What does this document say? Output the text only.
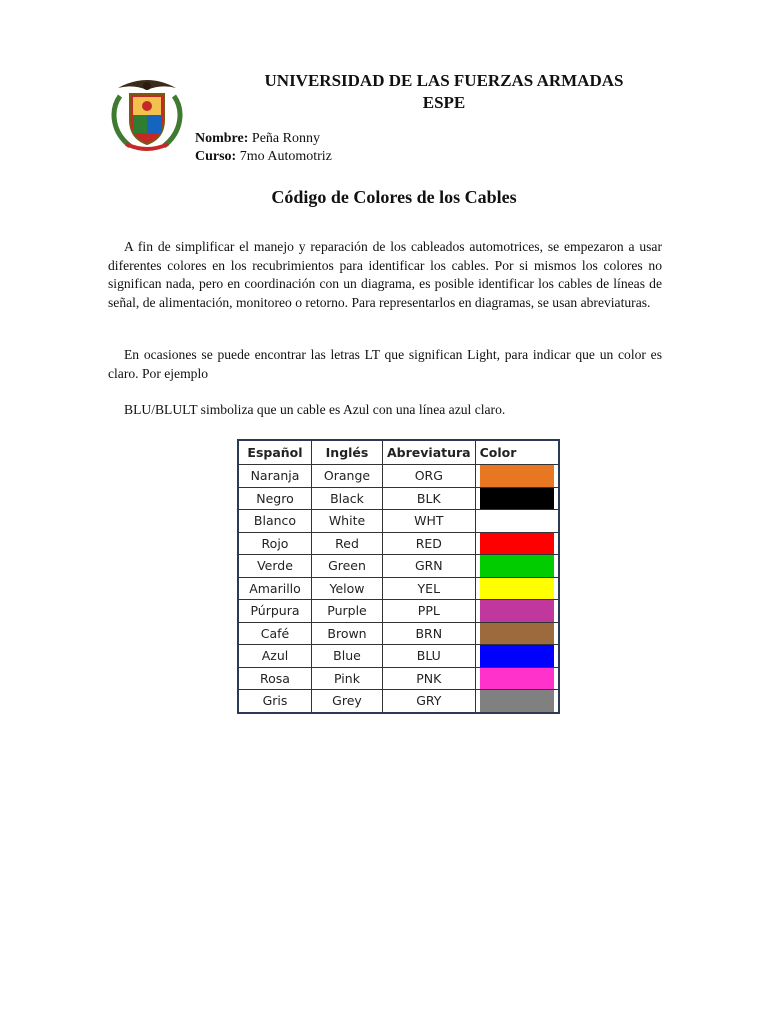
UNIVERSIDAD DE LAS FUERZAS ARMADAS
ESPE
Nombre: Peña Ronny
Curso: 7mo Automotriz
Código de Colores de los Cables

A fin de simplificar el manejo y reparación de los cableados automotrices, se empezaron a usar diferentes colores en los recubrimientos para identificar los cables. Por si mismos los colores no significan nada, pero en coordinación con un diagrama, es posible identificar los cables de líneas de señal, de alimentación, monitoreo o retorno. Para representarlos en diagramas, se usan abreviaturas.

En ocasiones se puede encontrar las letras LT que significan Light, para indicar que un color es claro. Por ejemplo

BLU/BLULT simboliza que un cable es Azul con una línea azul claro.

Español	Inglés	Abreviatura	Color
Naranja	Orange	ORG	

Negro	Black	BLK	

Blanco	White	WHT	

Rojo	Red	RED	

Verde	Green	GRN	

Amarillo	Yelow	YEL	

Púrpura	Purple	PPL	

Café	Brown	BRN	

Azul	Blue	BLU	

Rosa	Pink	PNK	

Gris	Grey	GRY	
